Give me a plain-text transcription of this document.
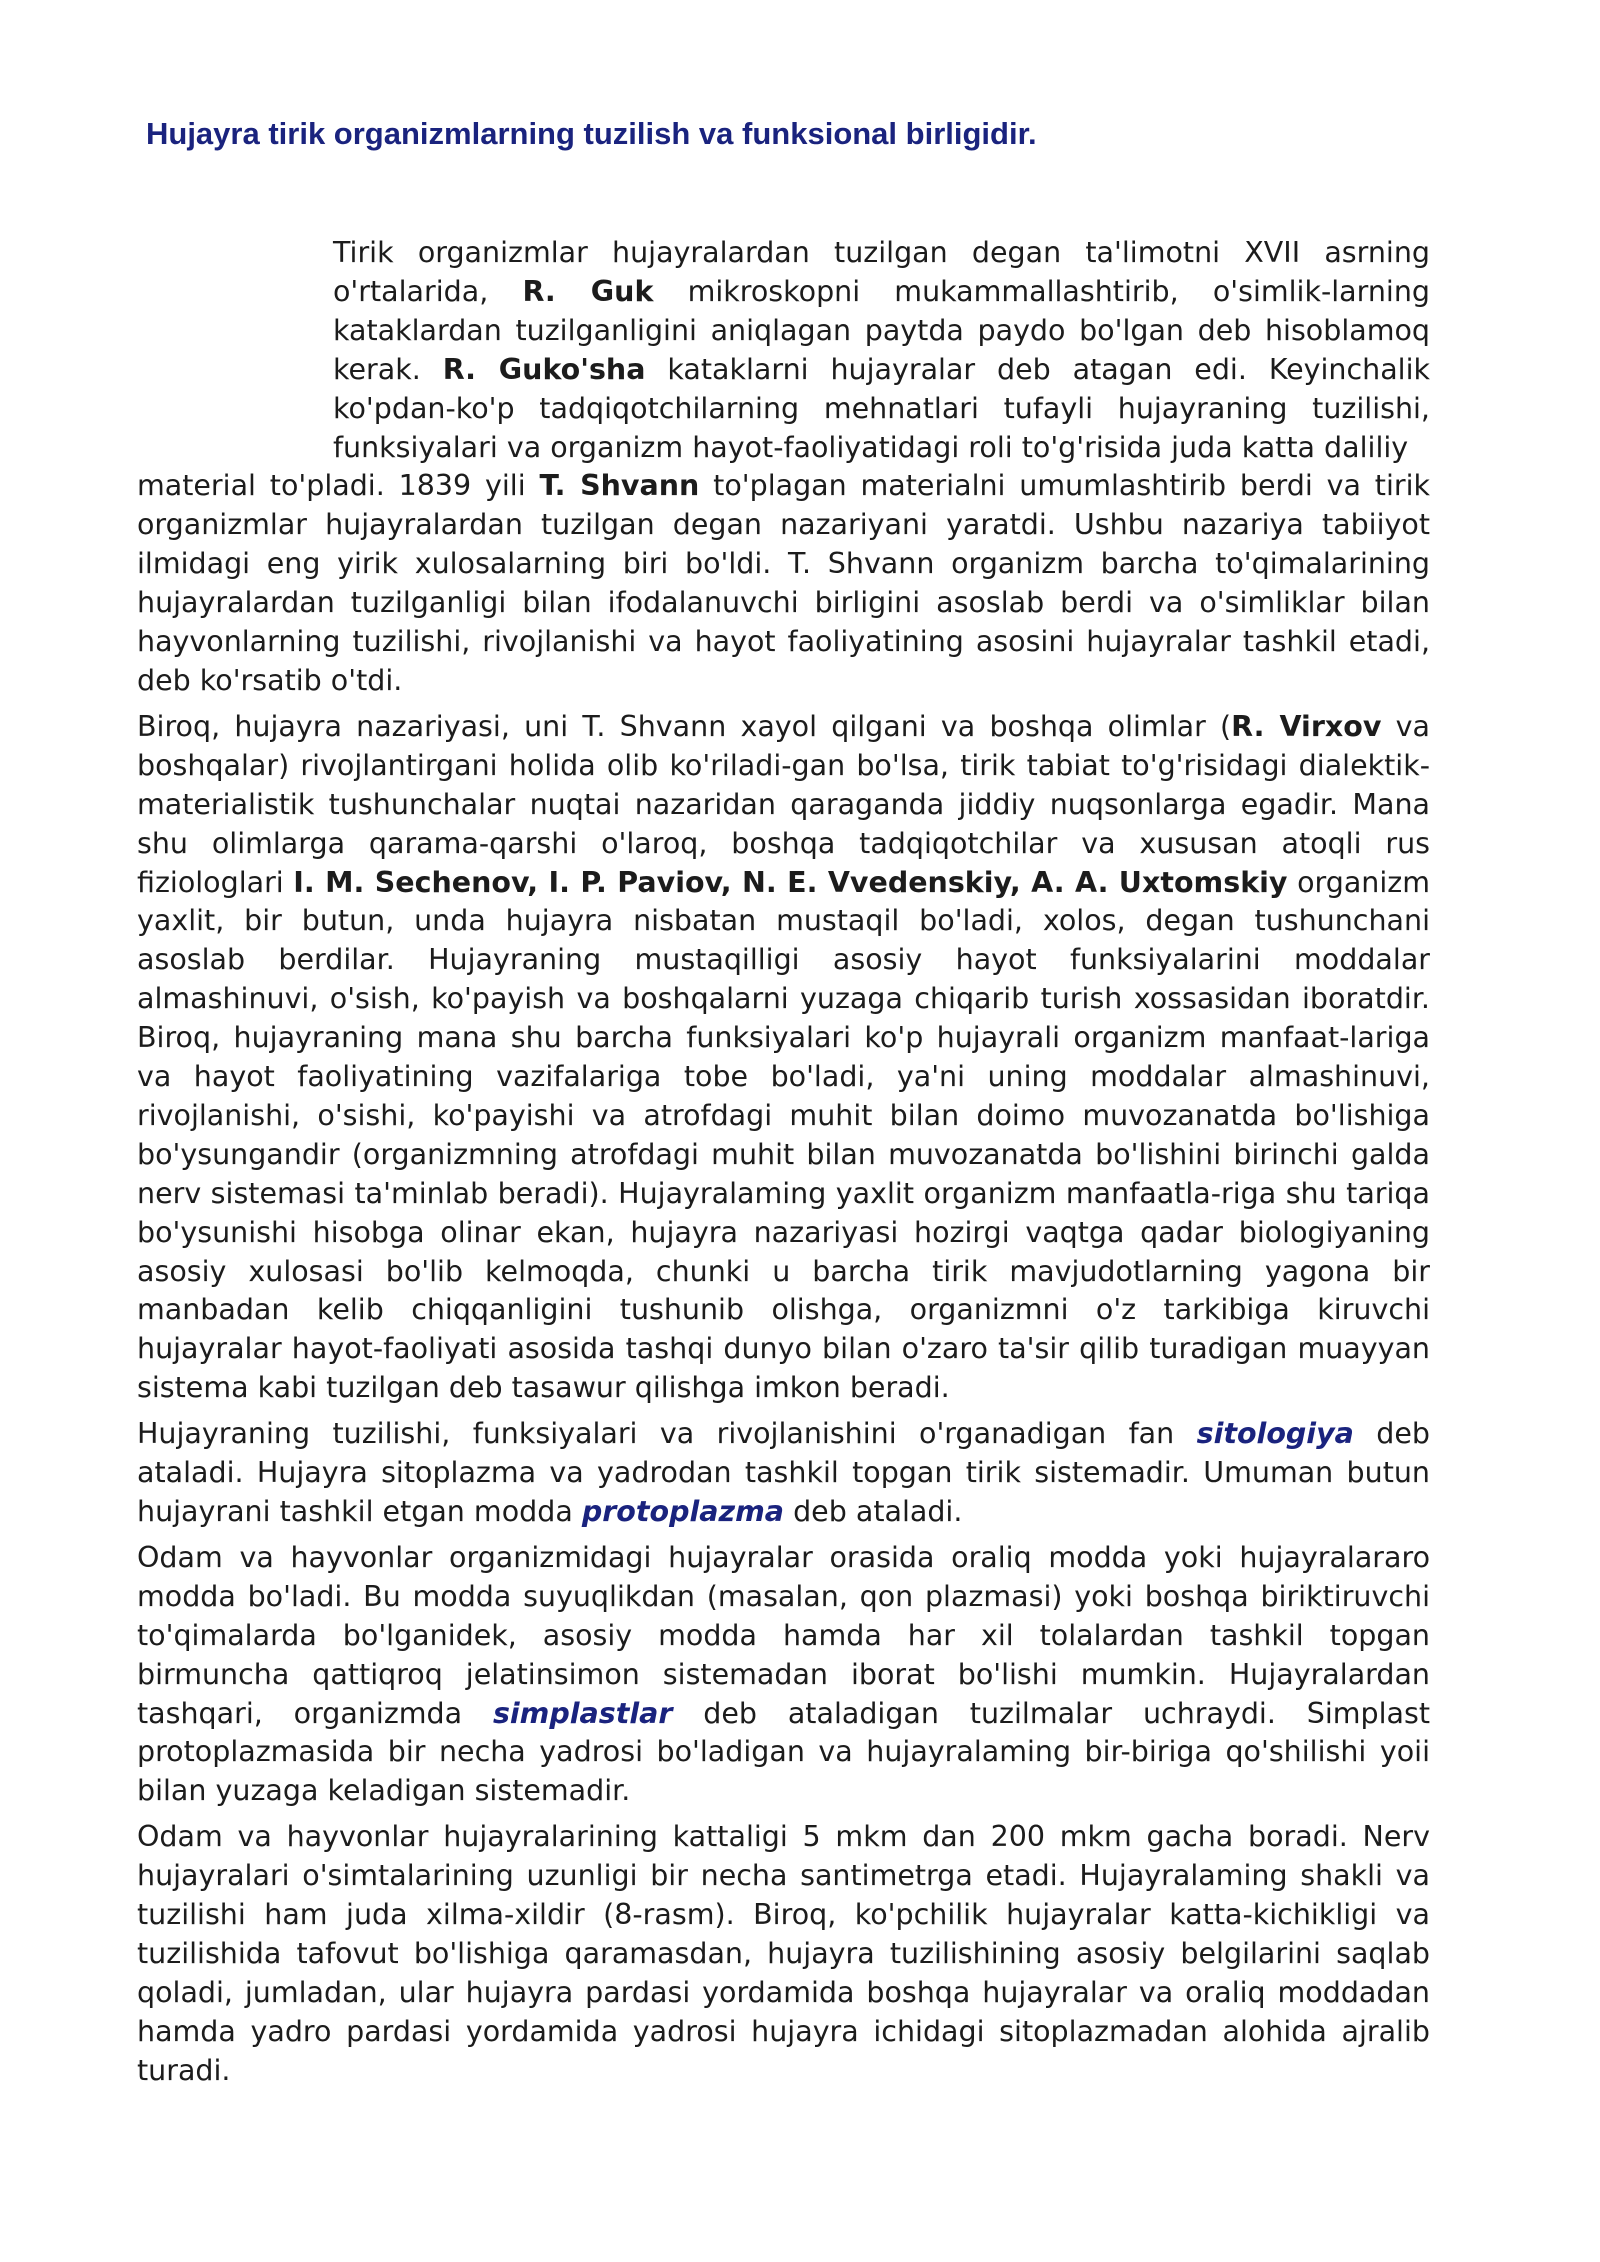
Hujayra tirik organizmlarning tuzilish va funksional birligidir.

Tirik organizmlar hujayralardan tuzilgan degan ta'limotni XVII asrning o'rtalarida, R. Guk mikroskopni mukammallashtirib, o'simlik-larning kataklardan tuzilganligini aniqlagan paytda paydo bo'lgan deb hisoblamoq kerak. R. Guko'sha kataklarni hujayralar deb atagan edi. Keyinchalik ko'pdan-ko'p tadqiqotchilarning mehnatlari tufayli hujayraning tuzilishi, funksiyalari va organizm hayot-faoliyatidagi roli to'g'risida juda katta daliliy
material to'pladi. 1839 yili T. Shvann to'plagan materialni umumlashtirib berdi va tirik organizmlar hujayralardan tuzilgan degan nazariyani yaratdi. Ushbu nazariya tabiiyot ilmidagi eng yirik xulosalarning biri bo'ldi. T. Shvann organizm barcha to'qimalarining hujayralardan tuzilganligi bilan ifodalanuvchi birligini asoslab berdi va o'simliklar bilan hayvonlarning tuzilishi, rivojlanishi va hayot faoliyatining asosini hujayralar tashkil etadi, deb ko'rsatib o'tdi.

Biroq, hujayra nazariyasi, uni T. Shvann xayol qilgani va boshqa olimlar (R. Virxov va boshqalar) rivojlantirgani holida olib ko'riladi-gan bo'lsa, tirik tabiat to'g'risidagi dialektik-materialistik tushunchalar nuqtai nazaridan qaraganda jiddiy nuqsonlarga egadir. Mana shu olimlarga qarama-qarshi o'laroq, boshqa tadqiqotchilar va xususan atoqli rus fiziologlari I. M. Sechenov, I. P. Paviov, N. E. Vvedenskiy, A. A. Uxtomskiy organizm yaxlit, bir butun, unda hujayra nisbatan mustaqil bo'ladi, xolos, degan tushunchani asoslab berdilar. Hujayraning mustaqilligi asosiy hayot funksiyalarini moddalar almashinuvi, o'sish, ko'payish va boshqalarni yuzaga chiqarib turish xossasidan iboratdir. Biroq, hujayraning mana shu barcha funksiyalari ko'p hujayrali organizm manfaat-lariga va hayot faoliyatining vazifalariga tobe bo'ladi, ya'ni uning moddalar almashinuvi, rivojlanishi, o'sishi, ko'payishi va atrofdagi muhit bilan doimo muvozanatda bo'lishiga bo'ysungandir (organizmning atrofdagi muhit bilan muvozanatda bo'lishini birinchi galda nerv sistemasi ta'minlab beradi). Hujayralaming yaxlit organizm manfaatla-riga shu tariqa bo'ysunishi hisobga olinar ekan, hujayra nazariyasi hozirgi vaqtga qadar biologiyaning asosiy xulosasi bo'lib kelmoqda, chunki u barcha tirik mavjudotlarning yagona bir manbadan kelib chiqqanligini tushunib olishga, organizmni o'z tarkibiga kiruvchi hujayralar hayot-faoliyati asosida tashqi dunyo bilan o'zaro ta'sir qilib turadigan muayyan sistema kabi tuzilgan deb tasawur qilishga imkon beradi.

Hujayraning tuzilishi, funksiyalari va rivojlanishini o'rganadigan fan sitologiya deb ataladi. Hujayra sitoplazma va yadrodan tashkil topgan tirik sistemadir. Umuman butun hujayrani tashkil etgan modda protoplazma deb ataladi.

Odam va hayvonlar organizmidagi hujayralar orasida oraliq modda yoki hujayralararo modda bo'ladi. Bu modda suyuqlikdan (masalan, qon plazmasi) yoki boshqa biriktiruvchi to'qimalarda bo'lganidek, asosiy modda hamda har xil tolalardan tashkil topgan birmuncha qattiqroq jelatinsimon sistemadan iborat bo'lishi mumkin. Hujayralardan tashqari, organizmda simplastlar deb ataladigan tuzilmalar uchraydi. Simplast protoplazmasida bir necha yadrosi bo'ladigan va hujayralaming bir-biriga qo'shilishi yoii bilan yuzaga keladigan sistemadir.

Odam va hayvonlar hujayralarining kattaligi 5 mkm dan 200 mkm gacha boradi. Nerv hujayralari o'simtalarining uzunligi bir necha santimetrga etadi. Hujayralaming shakli va tuzilishi ham juda xilma-xildir (8-rasm). Biroq, ko'pchilik hujayralar katta-kichikligi va tuzilishida tafovut bo'lishiga qaramasdan, hujayra tuzilishining asosiy belgilarini saqlab qoladi, jumladan, ular hujayra pardasi yordamida boshqa hujayralar va oraliq moddadan hamda yadro pardasi yordamida yadrosi hujayra ichidagi sitoplazmadan alohida ajralib turadi.
